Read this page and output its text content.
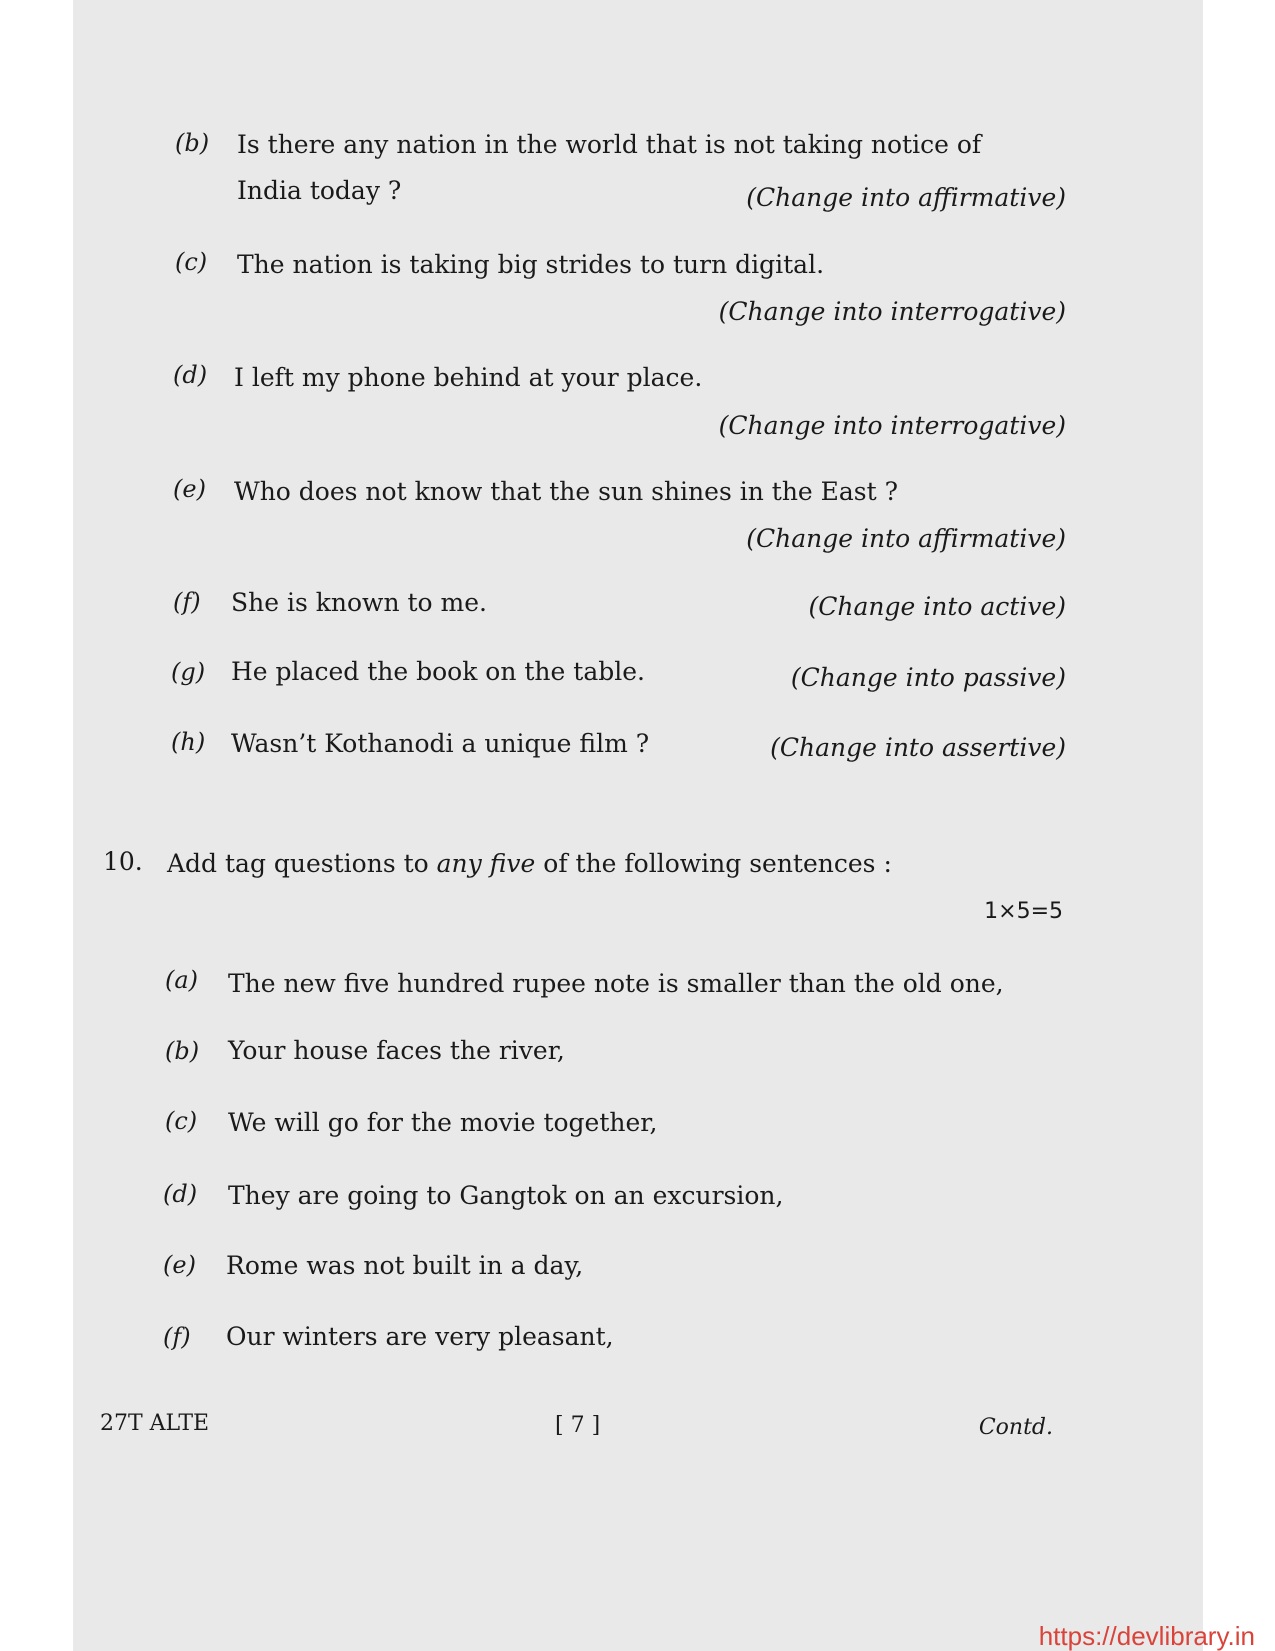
(b) Is there any nation in the world that is not taking notice of
India today ?	(Change into affirmative)
(c) The nation is taking big strides to turn digital.
(Change into interrogative)
(d) I left my phone behind at your place.
(Change into interrogative)
(e) Who does not know that the sun shines in the East ?
(Change into affirmative)
(f) She is known to me.	(Change into active)
(g) He placed the book on the table.	(Change into passive)
(h) Wasn’t Kothanodi a unique film ?	(Change into assertive)
10. Add tag questions to any five of the following sentences :
1×5=5
(a) The new five hundred rupee note is smaller than the old one,
(b) Your house faces the river,
(c) We will go for the movie together,
(d) They are going to Gangtok on an excursion,
(e) Rome was not built in a day,
(f) Our winters are very pleasant,
27T ALTE	[ 7 ]	Contd.
https://devlibrary.in
